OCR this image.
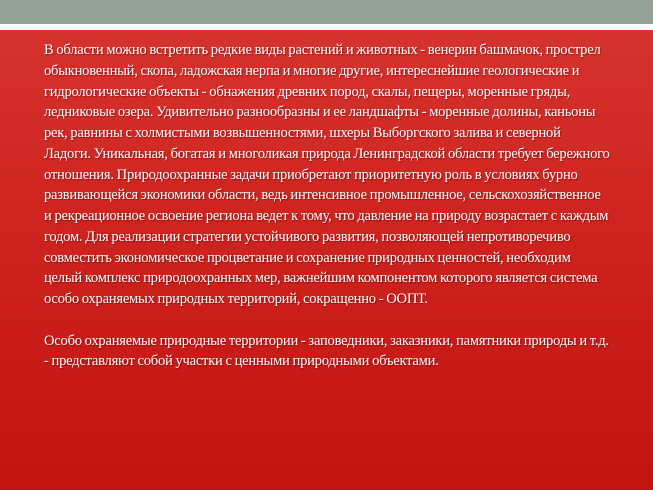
В области можно встретить редкие виды растений и животных - венерин башмачок, прострел обыкновенный, скопа, ладожская нерпа и многие другие, интереснейшие геологические и гидрологические объекты - обнажения древних пород, скалы, пещеры, моренные гряды, ледниковые озера. Удивительно разнообразны и ее ландшафты - моренные долины, каньоны рек, равнины с холмистыми возвышенностями, шхеры Выборгского залива и северной Ладоги. Уникальная, богатая и многоликая природа Ленинградской области требует бережного отношения. Природоохранные задачи приобретают приоритетную роль в условиях бурно развивающейся экономики области, ведь интенсивное промышленное, сельскохозяйственное и рекреационное освоение региона ведет к тому, что давление на природу возрастает с каждым годом. Для реализации стратегии устойчивого развития, позволяющей непротиворечиво совместить экономическое процветание и сохранение природных ценностей, необходим целый комплекс природоохранных мер, важнейшим компонентом которого является система особо охраняемых природных территорий, сокращенно - ООПТ.

Особо охраняемые природные территории - заповедники, заказники, памятники природы и т.д. - представляют собой участки с ценными природными объектами.
